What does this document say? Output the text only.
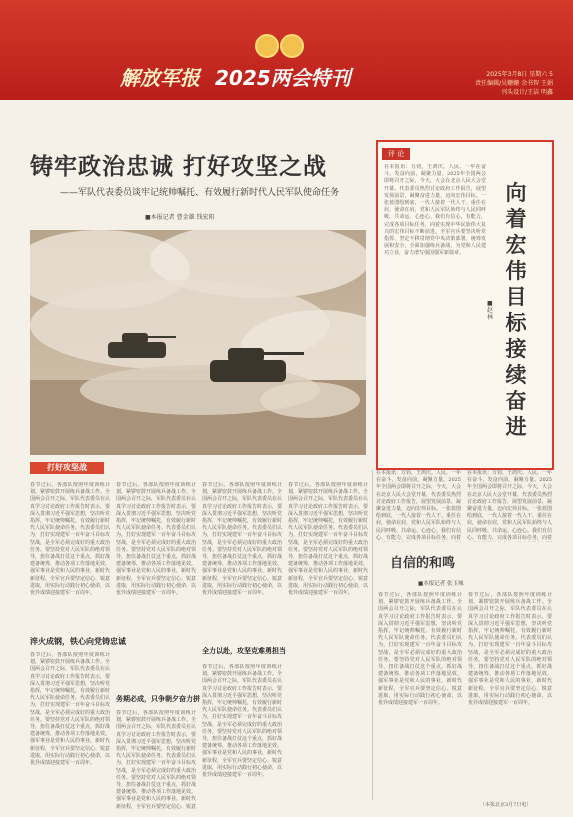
解放军报 2025两会特刊	2025年3月8日 星期六 5
责任编辑/吴姗姗 余书智 王娟
刊头设计/王洁 明鑫
铸牢政治忠诚 打好攻坚之战
——军队代表委员谈牢记统帅嘱托、有效履行新时代人民军队使命任务
■本报记者 曹金雄 钱宏阳
评 论
在本报讯：万钧，王鸿庆。人民、一年在奋斗，发奋向前，凝聚力量。2025年全国两会即将召开之际，今天，大会在北京人民大会堂开幕，代表委员热烈讨论政府工作报告，展望发展前景，凝聚奋进力量，迈向宏伟目标。一张蓝图绘到底，一代人接着一代人干。重任在肩，使命在肩，党和人民军队始终与人民同呼吸、共命运、心连心。我们有信心、有能力，完成各项目标任务，向着实现中华民族伟大复兴的宏伟目标不断前进。全军官兵要坚决听党指挥，坚定不移贯彻党中央决策部署，统筹发展和安全，全面加强练兵备战，为党和人民建功立业，奋力谱写强国强军新篇章。
■赵林
向着宏伟目标接续奋进
在本报讯：万钧，王鸿庆。人民、一年在奋斗，发奋向前，凝聚力量。2025年全国两会即将召开之际，今天，大会在北京人民大会堂开幕，代表委员热烈讨论政府工作报告，展望发展前景，凝聚奋进力量，迈向宏伟目标。一张蓝图绘到底，一代人接着一代人干。重任在肩，使命在肩，党和人民军队始终与人民同呼吸、共命运、心连心。我们有信心、有能力，完成各项目标任务，向着
在本报讯：万钧，王鸿庆。人民、一年在奋斗，发奋向前，凝聚力量。2025年全国两会即将召开之际，今天，大会在北京人民大会堂开幕，代表委员热烈讨论政府工作报告，展望发展前景，凝聚奋进力量，迈向宏伟目标。一张蓝图绘到底，一代人接着一代人干。重任在肩，使命在肩，党和人民军队始终与人民同呼吸、共命运、心连心。我们有信心、有能力，完成各项目标任务，向着
打好攻坚战
春节过后，各部队按照年度训练计划，紧锣密鼓开展练兵备战工作。全国两会召开之际，军队代表委员在认真学习讨论政府工作报告时表示，要深入贯彻习近平强军思想，坚决听党指挥，牢记统帅嘱托，有效履行新时代人民军队使命任务。代表委员们认为，打好实现建军一百年奋斗目标攻坚战，是全军必须完成好的重大政治任务。要坚持党对人民军队的绝对领导，扭住备战打仗这个重点，抓好战建备统筹，推动各项工作落地见效。强军事业是党和人民的事业，新时代新征程，全军官兵要坚定信心、锐意进取，用实际行动践行初心使命，以优异成绩迎接建军一百周年。
淬火成钢，铁心向党铸忠诚
春节过后，各部队按照年度训练计划，紧锣密鼓开展练兵备战工作。全国两会召开之际，军队代表委员在认真学习讨论政府工作报告时表示，要深入贯彻习近平强军思想，坚决听党指挥，牢记统帅嘱托，有效履行新时代人民军队使命任务。代表委员们认为，打好实现建军一百年奋斗目标攻坚战，是全军必须完成好的重大政治任务。要坚持党对人民军队的绝对领导，扭住备战打仗这个重点，抓好战建备统筹，推动各项工作落地见效。强军事业是党和人民的事业，新时代新征程，全军官兵要坚定信心、锐意进取，用实际行动践行初心使命，以优异成绩迎接建军一百周年。
春节过后，各部队按照年度训练计划，紧锣密鼓开展练兵备战工作。全国两会召开之际，军队代表委员在认真学习讨论政府工作报告时表示，要深入贯彻习近平强军思想，坚决听党指挥，牢记统帅嘱托，有效履行新时代人民军队使命任务。代表委员们认为，打好实现建军一百年奋斗目标攻坚战，是全军必须完成好的重大政治任务。要坚持党对人民军队的绝对领导，扭住备战打仗这个重点，抓好战建备统筹，推动各项工作落地见效。强军事业是党和人民的事业，新时代新征程，全军官兵要坚定信心、锐意进取，用实际行动践行初心使命，以优异成绩迎接建军一百周年。
务期必成，只争朝夕奋力拼
春节过后，各部队按照年度训练计划，紧锣密鼓开展练兵备战工作。全国两会召开之际，军队代表委员在认真学习讨论政府工作报告时表示，要深入贯彻习近平强军思想，坚决听党指挥，牢记统帅嘱托，有效履行新时代人民军队使命任务。代表委员们认为，打好实现建军一百年奋斗目标攻坚战，是全军必须完成好的重大政治任务。要坚持党对人民军队的绝对领导，扭住备战打仗这个重点，抓好战建备统筹，推动各项工作落地见效。强军事业是党和人民的事业，新时代新征程，全军官兵要坚定信心、锐意
春节过后，各部队按照年度训练计划，紧锣密鼓开展练兵备战工作。全国两会召开之际，军队代表委员在认真学习讨论政府工作报告时表示，要深入贯彻习近平强军思想，坚决听党指挥，牢记统帅嘱托，有效履行新时代人民军队使命任务。代表委员们认为，打好实现建军一百年奋斗目标攻坚战，是全军必须完成好的重大政治任务。要坚持党对人民军队的绝对领导，扭住备战打仗这个重点，抓好战建备统筹，推动各项工作落地见效。强军事业是党和人民的事业，新时代新征程，全军官兵要坚定信心、锐意进取，用实际行动践行初心使命，以优异成绩迎接建军一百周年。
全力以赴，攻坚克难勇担当
春节过后，各部队按照年度训练计划，紧锣密鼓开展练兵备战工作。全国两会召开之际，军队代表委员在认真学习讨论政府工作报告时表示，要深入贯彻习近平强军思想，坚决听党指挥，牢记统帅嘱托，有效履行新时代人民军队使命任务。代表委员们认为，打好实现建军一百年奋斗目标攻坚战，是全军必须完成好的重大政治任务。要坚持党对人民军队的绝对领导，扭住备战打仗这个重点，抓好战建备统筹，推动各项工作落地见效。强军事业是党和人民的事业，新时代新征程，全军官兵要坚定信心、锐意进取，用实际行动践行初心使命，以优异成绩迎接建军一百周年。
春节过后，各部队按照年度训练计划，紧锣密鼓开展练兵备战工作。全国两会召开之际，军队代表委员在认真学习讨论政府工作报告时表示，要深入贯彻习近平强军思想，坚决听党指挥，牢记统帅嘱托，有效履行新时代人民军队使命任务。代表委员们认为，打好实现建军一百年奋斗目标攻坚战，是全军必须完成好的重大政治任务。要坚持党对人民军队的绝对领导，扭住备战打仗这个重点，抓好战建备统筹，推动各项工作落地见效。强军事业是党和人民的事业，新时代新征程，全军官兵要坚定信心、锐意进取，用实际行动践行初心使命，以优异成绩迎接建军一百周年。
自信的和鸣
■本报记者 张玉城
春节过后，各部队按照年度训练计划，紧锣密鼓开展练兵备战工作。全国两会召开之际，军队代表委员在认真学习讨论政府工作报告时表示，要深入贯彻习近平强军思想，坚决听党指挥，牢记统帅嘱托，有效履行新时代人民军队使命任务。代表委员们认为，打好实现建军一百年奋斗目标攻坚战，是全军必须完成好的重大政治任务。要坚持党对人民军队的绝对领导，扭住备战打仗这个重点，抓好战建备统筹，推动各项工作落地见效。强军事业是党和人民的事业，新时代新征程，全军官兵要坚定信心、锐意进取，用实际行动践行初心使命，以优异成绩迎接建军一百周年。
春节过后，各部队按照年度训练计划，紧锣密鼓开展练兵备战工作。全国两会召开之际，军队代表委员在认真学习讨论政府工作报告时表示，要深入贯彻习近平强军思想，坚决听党指挥，牢记统帅嘱托，有效履行新时代人民军队使命任务。代表委员们认为，打好实现建军一百年奋斗目标攻坚战，是全军必须完成好的重大政治任务。要坚持党对人民军队的绝对领导，扭住备战打仗这个重点，抓好战建备统筹，推动各项工作落地见效。强军事业是党和人民的事业，新时代新征程，全军官兵要坚定信心、锐意进取，用实际行动践行初心使命，以优异成绩迎接建军一百周年。
（本报北京3月7日电）
